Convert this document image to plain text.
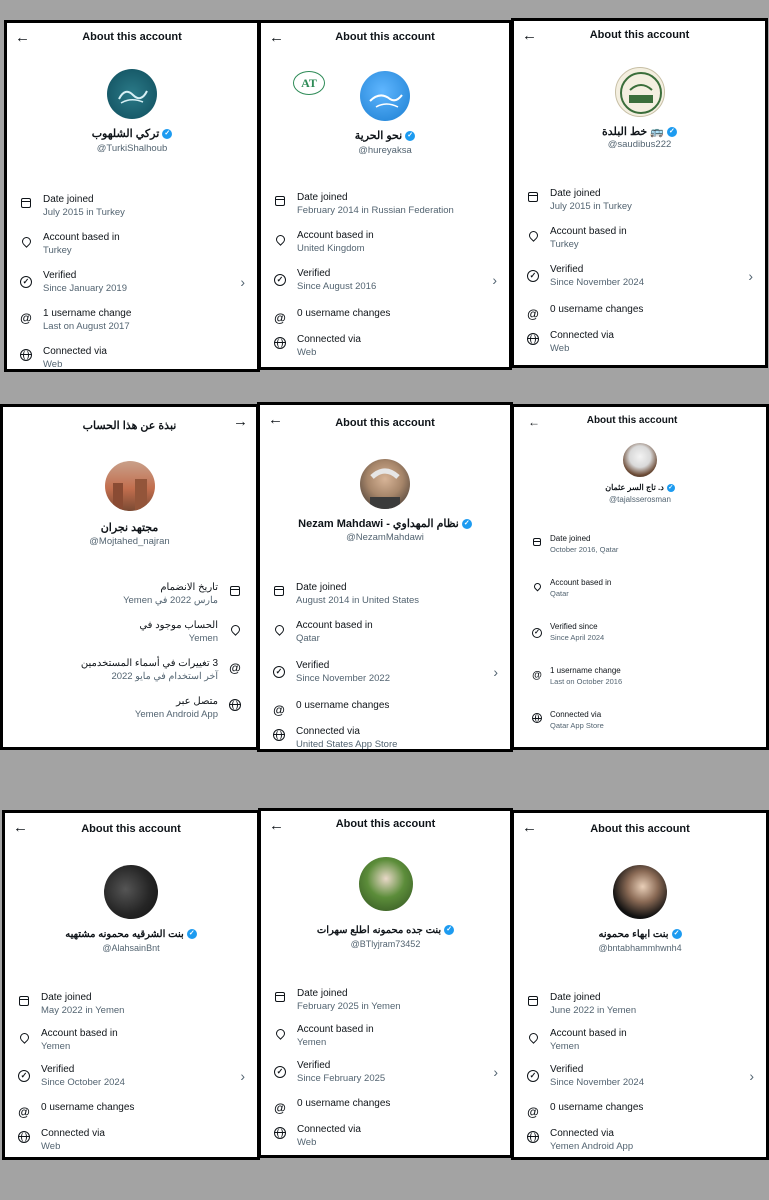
←	About this account
تركي الشلهوب ✓
@TurkiShalhoub
Date joined
July 2015 in Turkey
Account based in
Turkey
✓
Verified
Since January 2019	›
@ 1 username change
Last on August 2017
Connected via
Web
←	About this account
AT
نحو الحرية ✓
@hureyaksa
Date joined
February 2014 in Russian Federation
Account based in
United Kingdom
✓
Verified
Since August 2016	›
@ 0 username changes
Connected via
Web
←	About this account
خط البلدة 🚌 ✓
@saudibus222
Date joined
July 2015 in Turkey
Account based in
Turkey
✓
Verified
Since November 2024	›
@ 0 username changes
Connected via
Web
→
نبذة عن هذا الحساب
مجتهد نجران
@Mojtahed_najran
تاريخ الانضمام
مارس 2022 في Yemen
الحساب موجود في
Yemen
@
3 تغييرات في أسماء المستخدمين
آخر استخدام في مايو 2022
متصل عبر
Yemen Android App
←	About this account
Nezam Mahdawi - نظام المهداوي ✓
@NezamMahdawi
Date joined
August 2014 in United States
Account based in
Qatar
✓
Verified
Since November 2022	›
@ 0 username changes
Connected via
United States App Store
←	About this account
د. تاج السر عثمان ✓
@tajalsserosman
Date joined
October 2016, Qatar
Account based in
Qatar
✓
Verified since
Since April 2024
@ 1 username change
Last on October 2016
Connected via
Qatar App Store
←	About this account
بنت الشرقيه محمونه مشتهيه ✓
@AlahsainBnt
Date joined
May 2022 in Yemen
Account based in
Yemen
✓
Verified
Since October 2024	›
@ 0 username changes
Connected via
Web
←	About this account
بنت جده محمونه اطلع سهرات ✓
@BTlyjram73452
Date joined
February 2025 in Yemen
Account based in
Yemen
✓
Verified
Since February 2025	›
@ 0 username changes
Connected via
Web
←	About this account
بنت ابهاء محمونه ✓
@bntabhammhwnh4
Date joined
June 2022 in Yemen
Account based in
Yemen
✓
Verified
Since November 2024	›
@ 0 username changes
Connected via
Yemen Android App
